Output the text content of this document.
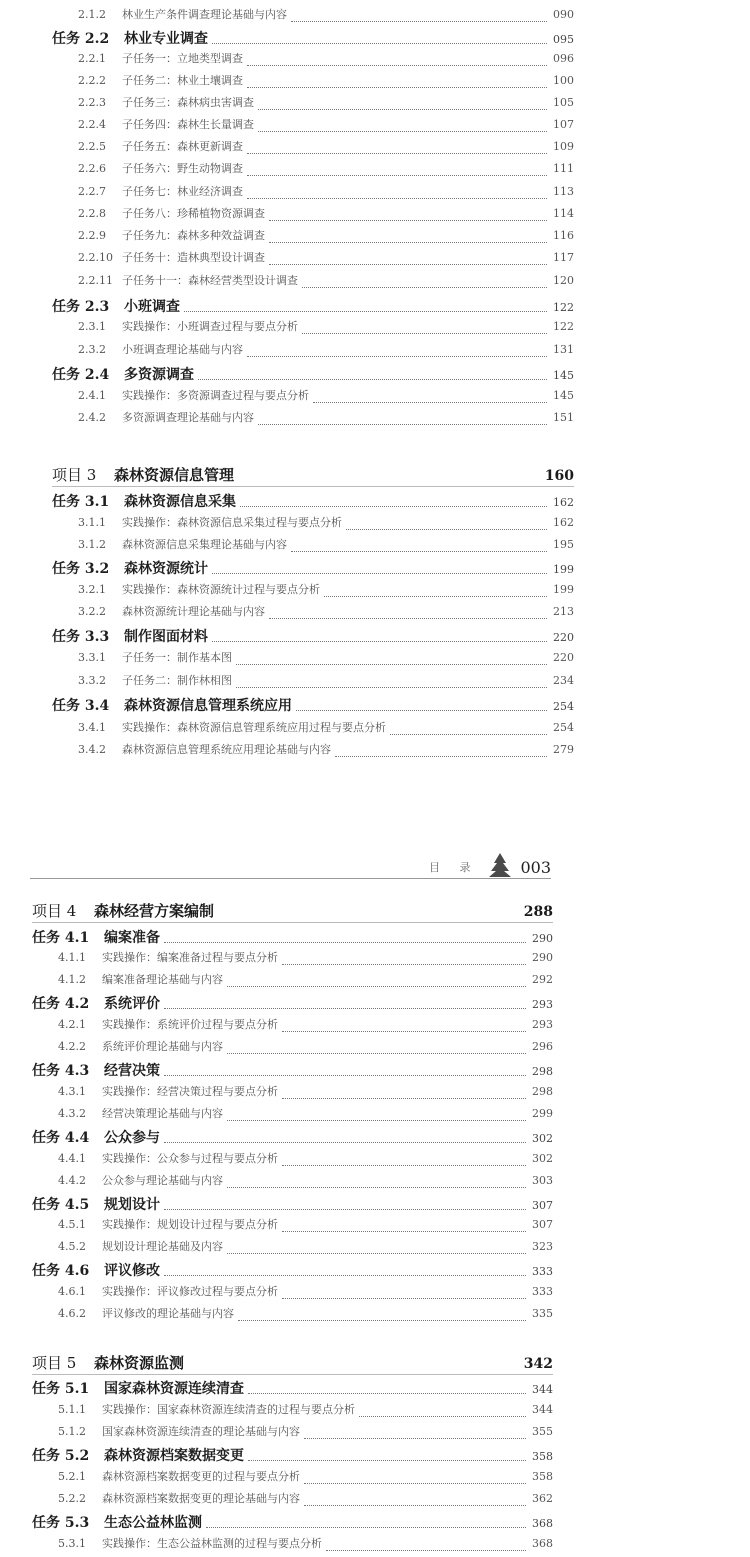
2.1.2	林业生产条件调查理论基础与内容	090
任务 2.2	林业专业调查	095
2.2.1	子任务一：立地类型调查	096
2.2.2	子任务二：林业土壤调查	100
2.2.3	子任务三：森林病虫害调查	105
2.2.4	子任务四：森林生长量调查	107
2.2.5	子任务五：森林更新调查	109
2.2.6	子任务六：野生动物调查	111
2.2.7	子任务七：林业经济调查	113
2.2.8	子任务八：珍稀植物资源调查	114
2.2.9	子任务九：森林多种效益调查	116
2.2.10 子任务十：造林典型设计调查	117
2.2.11 子任务十一：森林经营类型设计调查	120
任务 2.3	小班调查	122
2.3.1	实践操作：小班调查过程与要点分析	122
2.3.2	小班调查理论基础与内容	131
任务 2.4	多资源调查	145
2.4.1	实践操作：多资源调查过程与要点分析	145
2.4.2	多资源调查理论基础与内容	151
项目 3	森林资源信息管理	160
任务 3.1	森林资源信息采集	162
3.1.1	实践操作：森林资源信息采集过程与要点分析	162
3.1.2	森林资源信息采集理论基础与内容	195
任务 3.2	森林资源统计	199
3.2.1	实践操作：森林资源统计过程与要点分析	199
3.2.2	森林资源统计理论基础与内容	213
任务 3.3	制作图面材料	220
3.3.1	子任务一：制作基本图	220
3.3.2	子任务二：制作林相图	234
任务 3.4	森林资源信息管理系统应用	254
3.4.1	实践操作：森林资源信息管理系统应用过程与要点分析	254
3.4.2	森林资源信息管理系统应用理论基础与内容	279
项目 4	森林经营方案编制	288
任务 4.1	编案准备	290
4.1.1	实践操作：编案准备过程与要点分析	290
4.1.2	编案准备理论基础与内容	292
任务 4.2	系统评价	293
4.2.1	实践操作：系统评价过程与要点分析	293
4.2.2	系统评价理论基础与内容	296
任务 4.3	经营决策	298
4.3.1	实践操作：经营决策过程与要点分析	298
4.3.2	经营决策理论基础与内容	299
任务 4.4	公众参与	302
4.4.1	实践操作：公众参与过程与要点分析	302
4.4.2	公众参与理论基础与内容	303
任务 4.5	规划设计	307
4.5.1	实践操作：规划设计过程与要点分析	307
4.5.2	规划设计理论基础及内容	323
任务 4.6	评议修改	333
4.6.1	实践操作：评议修改过程与要点分析	333
4.6.2	评议修改的理论基础与内容	335
项目 5	森林资源监测	342
任务 5.1	国家森林资源连续清查	344
5.1.1	实践操作：国家森林资源连续清查的过程与要点分析	344
5.1.2	国家森林资源连续清查的理论基础与内容	355
任务 5.2	森林资源档案数据变更	358
5.2.1	森林资源档案数据变更的过程与要点分析	358
5.2.2	森林资源档案数据变更的理论基础与内容	362
任务 5.3	生态公益林监测	368
5.3.1	实践操作：生态公益林监测的过程与要点分析	368
目 录	003
